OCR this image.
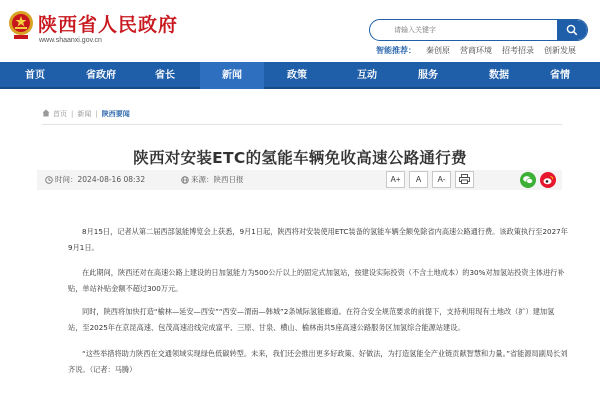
陕西省人民政府
www.shaanxi.gov.cn
请输入关键字
智能推荐： 秦创原 营商环境 招考招录 创新发展
首页	省政府	省长	新闻	政策	互动	服务	数据	省情
首页 | 新闻 | 陕西要闻
陕西对安装ETC的氢能车辆免收高速公路通行费
时间：2024-08-16 08:32	来源：陕西日报	A+	A	A-

8月15日，记者从第二届西部氢能博览会上获悉，9月1日起，陕西将对安装使用ETC装备的氢能车辆全额免除省内高速公路通行费。该政策执行至2027年9月1日。

在此期间，陕西还对在高速公路上建设的日加氢能力为500公斤以上的固定式加氢站，按建设实际投资（不含土地成本）的30%对加氢站投资主体进行补贴，单站补贴金额不超过300万元。

同时，陕西将加快打造“榆林—延安—西安”“西安—渭南—韩城”2条城际氢能廊道。在符合安全规范要求的前提下，支持利用现有土地改（扩）建加氢站，至2025年在京昆高速、包茂高速沿线完成富平、三原、甘泉、横山、榆林南共5座高速公路服务区加氢综合能源站建设。

“这些举措将助力陕西在交通领域实现绿色低碳转型。未来，我们还会推出更多好政策、好做法，为打造氢能全产业链贡献智慧和力量。”省能源局副局长刘齐说。（记者：马腾）
